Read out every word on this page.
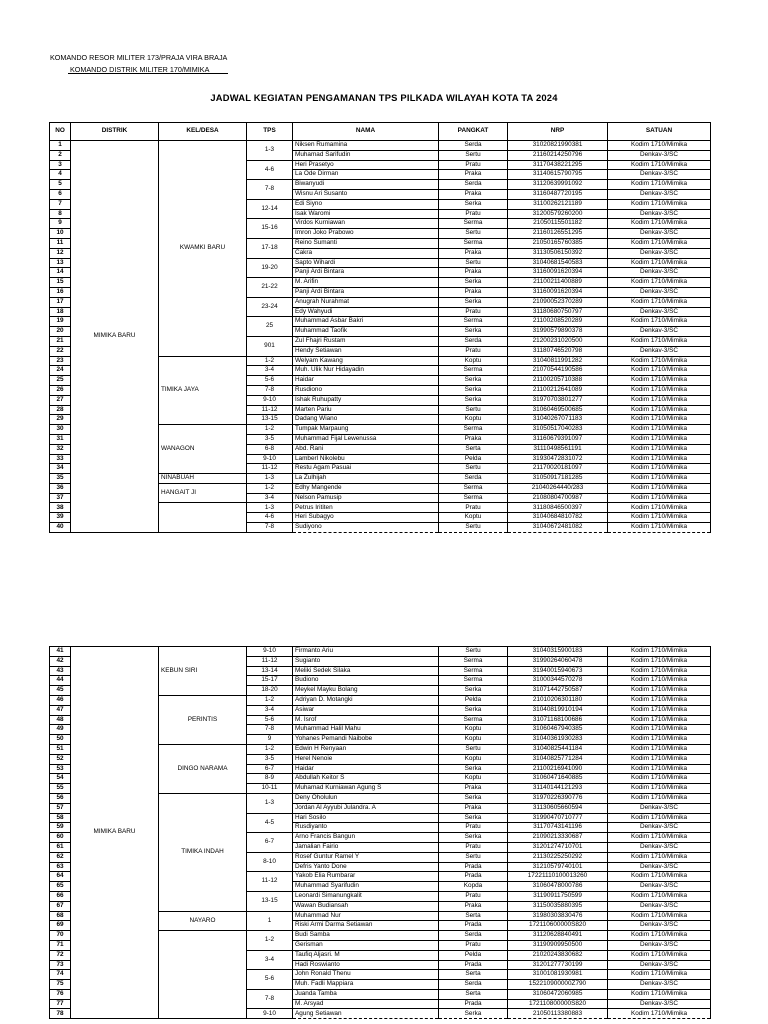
KOMANDO RESOR MILITER 173/PRAJA VIRA BRAJA
KOMANDO DISTRIK MILITER 170/MIMIKA
JADWAL KEGIATAN PENGAMANAN TPS PILKADA WILAYAH KOTA TA 2024
NO	DISTRIK	KEL/DESA	TPS	NAMA	PANGKAT	NRP	SATUAN
1	MIMIKA BARU	KWAMKI BARU	1-3	Niksen Rumamina	Serda	31020821990381	Kodim 1710/Mimika
2				Muhamad Sarifudin	Sertu	21160214250796	Denkav-3/SC
3			4-6	Heri Prasetyo	Pratu	31170438221295	Kodim 1710/Mimika
4				La Ode Dirman	Praka	31140615790795	Denkav-3/SC
5			7-8	Biwanyudi	Serda	31120639991092	Kodim 1710/Mimika
6				Wisnu Ari Susanto	Praka	31160487720195	Denkav-3/SC
7			12-14	Edi Siyno	Serka	31100262121189	Kodim 1710/Mimika
8				Isak Waromi	Pratu	31200579260200	Denkav-3/SC
9			15-16	Virdos Kurniawan	Serma	21050115501182	Kodim 1710/Mimika
10				Imron Joko Prabowo	Sertu	21160126551295	Denkav-3/SC
11			17-18	Reino Sumanti	Serma	21050165760385	Kodim 1710/Mimika
12				Cakra	Praka	31130506150392	Denkav-3/SC
13			19-20	Sapto Wihardi	Sertu	31040681540583	Kodim 1710/Mimika
14				Panji Ardi Bintara	Praka	31160091620394	Denkav-3/SC
15			21-22	M. Arifin	Serka	21100211400889	Kodim 1710/Mimika
16				Panji Ardi Bintara	Praka	31160091620394	Denkav-3/SC
17			23-24	Anugrah Nurahmat	Serka	21090052370289	Kodim 1710/Mimika
18				Edy Wahyudi	Pratu	31180680750797	Denkav-3/SC
19			25	Muhammad Asbar Bakri	Serma	21100208520289	Kodim 1710/Mimika
20				Muhammad Taofik	Serka	31990579890378	Denkav-3/SC
21			901	Zul Fhajri Rustam	Serda	21200231020500	Kodim 1710/Mimika
22				Hendy Setiawan	Pratu	31180746520798	Denkav-3/SC
23		TIMIKA JAYA	1-2	Welyam Kawang	Koptu	31040811991282	Kodim 1710/Mimika
24			3-4	Muh. Ulik Nur Hidayadin	Serma	21070544190586	Kodim 1710/Mimika
25			5-6	Haidar	Serka	21100205710388	Kodim 1710/Mimika
26			7-8	Rusdiono	Serka	21100212641089	Kodim 1710/Mimika
27			9-10	Ishak Ruhupatty	Serka	31970703801277	Kodim 1710/Mimika
28			11-12	Marten Pariu	Sertu	31060469500685	Kodim 1710/Mimika
29			13-15	Dadang Wiano	Koptu	31040267071183	Kodim 1710/Mimika
30		WANAGON	1-2	Tumpak Marpaung	Serma	31050517040283	Kodim 1710/Mimika
31			3-5	Muhammad Fijal Lewenussa	Praka	31160679391097	Kodim 1710/Mimika
32			6-8	Abd. Rani	Serta	31110498561191	Kodim 1710/Mimika
33			9-10	Lamberl Nikolebu	Pelda	31930472831072	Kodim 1710/Mimika
34			11-12	Restu Agam Pasuai	Sertu	21170020181097	Kodim 1710/Mimika
35		NINABUAH	1-3	La Zulhijah	Serda	31050917181285	Kodim 1710/Mimika
36		HANGAIT JI	1-2	Edhy Mangende	Serma	21040264440/283	Kodim 1710/Mimika
37			3-4	Nelson Pamusip	Serma	21080804700987	Kodim 1710/Mimika
38			1-3	Petrus Irititen	Pratu	31180846500397	Kodim 1710/Mimika
39			4-6	Heri Subagyo	Koptu	31040684810782	Kodim 1710/Mimika
40			7-8	Sudiyono	Sertu	31040672481082	Kodim 1710/Mimika
41	MIMIKA BARU	KEBUN SIRI	9-10	Firmanto Ariu	Sertu	31040315900183	Kodim 1710/Mimika
42			11-12	Sugianto	Serma	31990264060478	Kodim 1710/Mimika
43			13-14	Meliki Sedek Silaka	Serma	31940015940673	Kodim 1710/Mimika
44			15-17	Budiono	Serma	31000344570278	Kodim 1710/Mimika
45			18-20	Meykel Mayku Bolang	Serka	31071442750587	Kodim 1710/Mimika
46		PERINTIS	1-2	Adriyan D. Motangki	Pelda	21010206301180	Kodim 1710/Mimika
47			3-4	Asiwar	Serka	31040819910194	Kodim 1710/Mimika
48			5-6	M. Isrof	Serma	31071168100686	Kodim 1710/Mimika
49			7-8	Muhammad Halil Mahu	Koptu	31060467940385	Kodim 1710/Mimika
50			9	Yohanes Pemandi Naibobe	Koptu	31040361930283	Kodim 1710/Mimika
51		DINGO NARAMA	1-2	Edwin H Renyaan	Sertu	31040825441184	Kodim 1710/Mimika
52			3-5	Herel Nenoie	Koptu	31040825771284	Kodim 1710/Mimika
53			6-7	Haidar	Serka	21100216941090	Kodim 1710/Mimika
54			8-9	Abdullah Keitor S	Koptu	31060471640885	Kodim 1710/Mimika
55			10-11	Muhamad Kurniawan Agung S	Praka	31140144121293	Kodim 1710/Mimika
56		TIMIKA INDAH	1-3	Deny Oholulun	Serka	31970226390776	Kodim 1710/Mimika
57				Jordan Al Ayyubi Julandra. A	Praka	31130605660594	Denkav-3/SC
58			4-5	Hari Sosilo	Serka	31990470710777	Kodim 1710/Mimika
59				Rusdiyanto	Pratu	31170743141196	Denkav-3/SC
60			6-7	Arno Francis Bangun	Serka	21090213330687	Kodim 1710/Mimika
61				Jamalian Fairio	Pratu	31201274710701	Denkav-3/SC
62			8-10	Rosef Guntur Ramel Y	Sertu	21130225250292	Kodim 1710/Mimika
63				Defris Yanto Done	Prada	31210579740101	Denkav-3/SC
64			11-12	Yakob Elia Rumbarar	Prada	17221110100013260	Kodim 1710/Mimika
65				Muhammad Syarifudin	Kopda	31060478000786	Denkav-3/SC
66			13-15	Leonardi Simanungkalit	Pratu	31190911750599	Kodim 1710/Mimika
67				Wawan Budiansah	Praka	31150035880395	Denkav-3/SC
68		NAYARO	1	Muhammad Nur	Serta	31980303830476	Kodim 1710/Mimika
69				Riski Armi Darma Setiawan	Prada	172110600000S820	Denkav-3/SC
70			1-2	Budi Samba	Serda	31120628840491	Kodim 1710/Mimika
71				Gerisman	Pratu	31190909950500	Denkav-3/SC
72			3-4	Taufiq Aljasri. M	Pelda	21020243830682	Kodim 1710/Mimika
73				Hadi Roswianto	Prada	31201277730199	Denkav-3/SC
74			5-6	John Ronald Thenu	Serta	31001081930981	Kodim 1710/Mimika
75				Muh. Fadli Mappiara	Serda	152210900000Z790	Denkav-3/SC
76			7-8	Juanda Tamba	Serta	31060472060985	Kodim 1710/Mimika
77				M. Arsyad	Prada	172110800000S820	Denkav-3/SC
78			9-10	Agung Setiawan	Serka	21050113380883	Kodim 1710/Mimika
